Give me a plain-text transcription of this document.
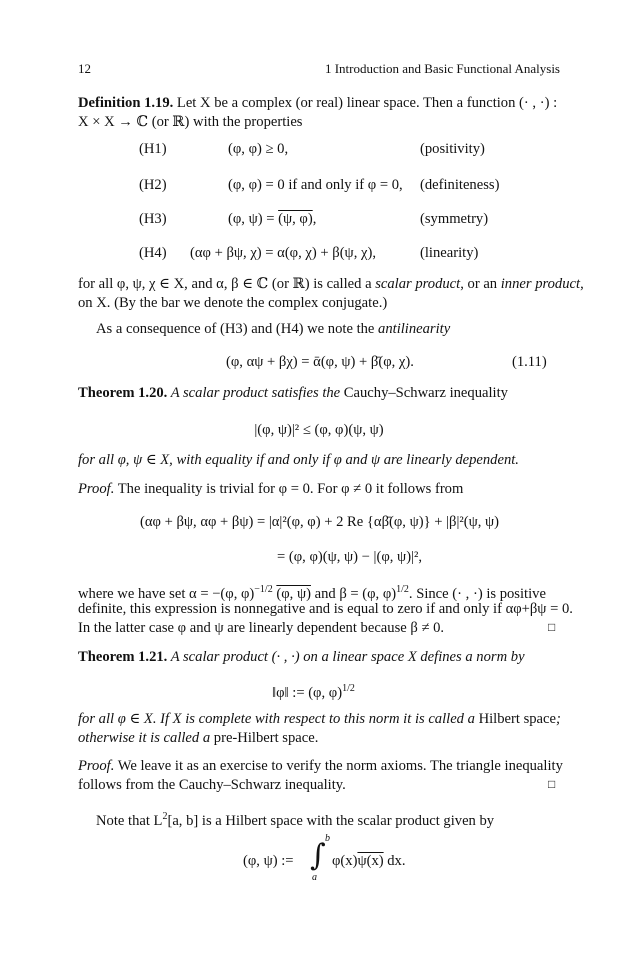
12	1 Introduction and Basic Functional Analysis
Definition 1.19. Let X be a complex (or real) linear space. Then a function (· , ·) :
X × X → ℂ (or ℝ) with the properties
(H1)	(φ, φ) ≥ 0,	(positivity)
(H2)	(φ, φ) = 0 if and only if φ = 0, (definiteness)
(H3)	(φ, ψ) = (ψ, φ),	(symmetry)
(H4) (αφ + βψ, χ) = α(φ, χ) + β(ψ, χ),	(linearity)
for all φ, ψ, χ ∈ X, and α, β ∈ ℂ (or ℝ) is called a scalar product, or an inner product,
on X. (By the bar we denote the complex conjugate.)
As a consequence of (H3) and (H4) we note the antilinearity
(φ, αψ + βχ) = ᾱ(φ, ψ) + β̄(φ, χ).	(1.11)
Theorem 1.20. A scalar product satisfies the Cauchy–Schwarz inequality
|(φ, ψ)|² ≤ (φ, φ)(ψ, ψ)
for all φ, ψ ∈ X, with equality if and only if φ and ψ are linearly dependent.
Proof. The inequality is trivial for φ = 0. For φ ≠ 0 it follows from
(αφ + βψ, αφ + βψ) = |α|²(φ, φ) + 2 Re {αβ̄(φ, ψ)} + |β|²(ψ, ψ)
= (φ, φ)(ψ, ψ) − |(φ, ψ)|²,
where we have set α = −(φ, φ)$^{-1/2}$ (φ, ψ) and β = (φ, φ)$^{1/2}$. Since (· , ·) is positive
definite, this expression is nonnegative and is equal to zero if and only if αφ+βψ = 0.
In the latter case φ and ψ are linearly dependent because β ≠ 0.	□
Theorem 1.21. A scalar product (· , ·) on a linear space X defines a norm by
‖φ‖ := (φ, φ)$^{1/2}$
for all φ ∈ X. If X is complete with respect to this norm it is called a Hilbert space;
otherwise it is called a pre-Hilbert space.
Proof. We leave it as an exercise to verify the norm axioms. The triangle inequality
follows from the Cauchy–Schwarz inequality.	□
Note that $L^2[a$, b] is a Hilbert space with the scalar product given by
(φ, ψ) := ∫ b
a
φ(x)ψ(x) dx.
